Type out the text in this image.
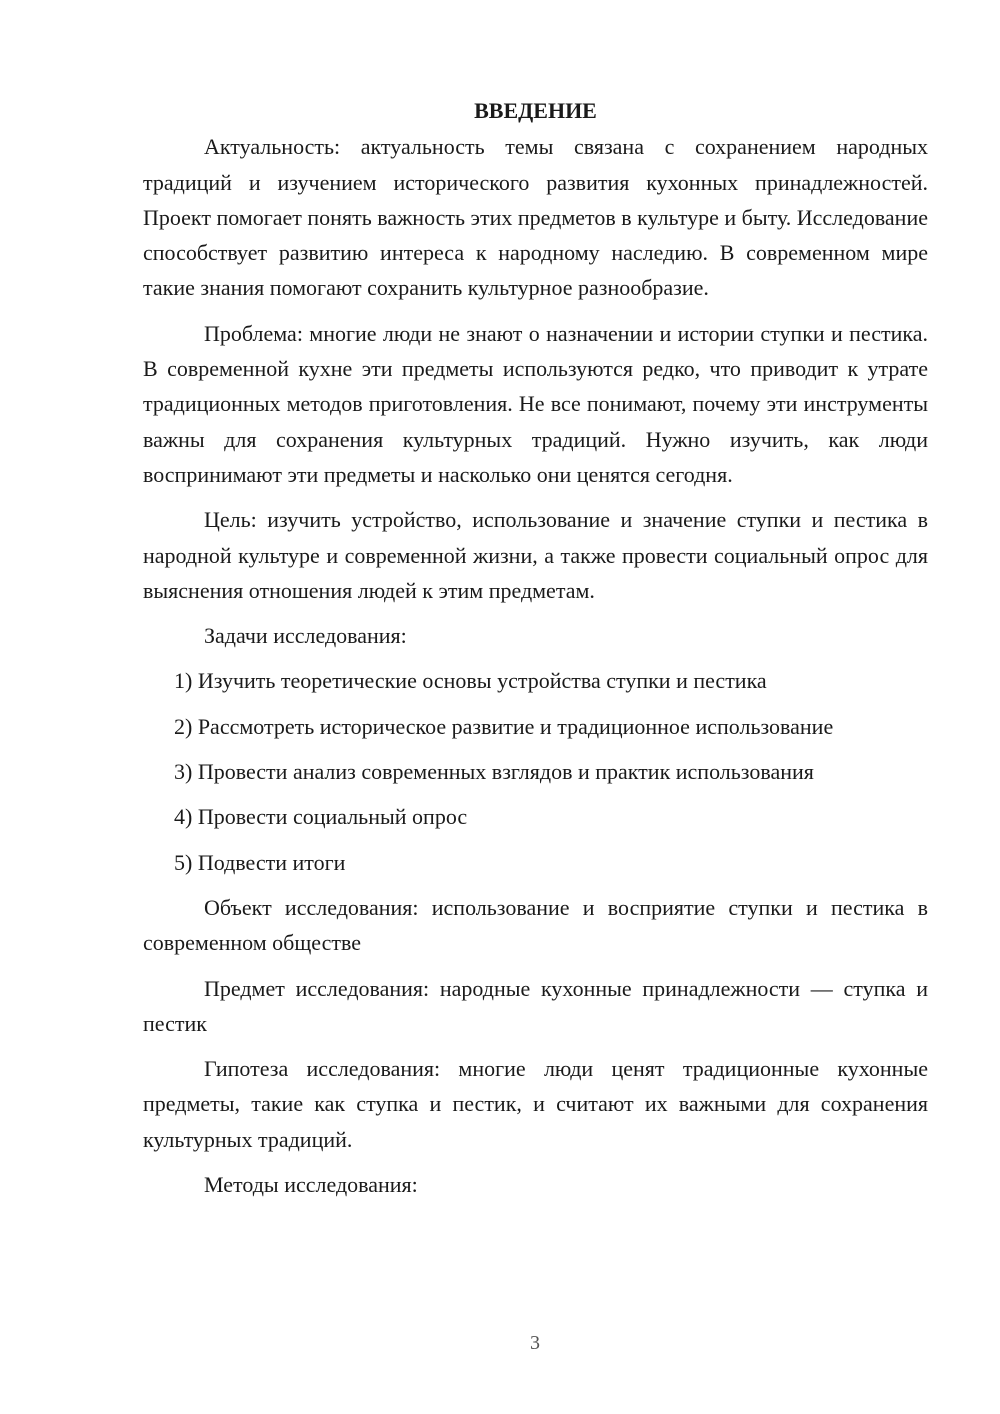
ВВЕДЕНИЕ

Актуальность: актуальность темы связана с сохранением народных традиций и изучением исторического развития кухонных принадлежностей. Проект помогает понять важность этих предметов в культуре и быту. Исследование способствует развитию интереса к народному наследию. В современном мире такие знания помогают сохранить культурное разнообразие.

Проблема: многие люди не знают о назначении и истории ступки и пестика. В современной кухне эти предметы используются редко, что приводит к утрате традиционных методов приготовления. Не все понимают, почему эти инструменты важны для сохранения культурных традиций. Нужно изучить, как люди воспринимают эти предметы и насколько они ценятся сегодня.

Цель: изучить устройство, использование и значение ступки и пестика в народной культуре и современной жизни, а также провести социальный опрос для выяснения отношения людей к этим предметам.

Задачи исследования:

1) Изучить теоретические основы устройства ступки и пестика

2) Рассмотреть историческое развитие и традиционное использование

3) Провести анализ современных взглядов и практик использования

4) Провести социальный опрос

5) Подвести итоги

Объект исследования: использование и восприятие ступки и пестика в современном обществе

Предмет исследования: народные кухонные принадлежности — ступка и пестик

Гипотеза исследования: многие люди ценят традиционные кухонные предметы, такие как ступка и пестик, и считают их важными для сохранения культурных традиций.

Методы исследования:

3
